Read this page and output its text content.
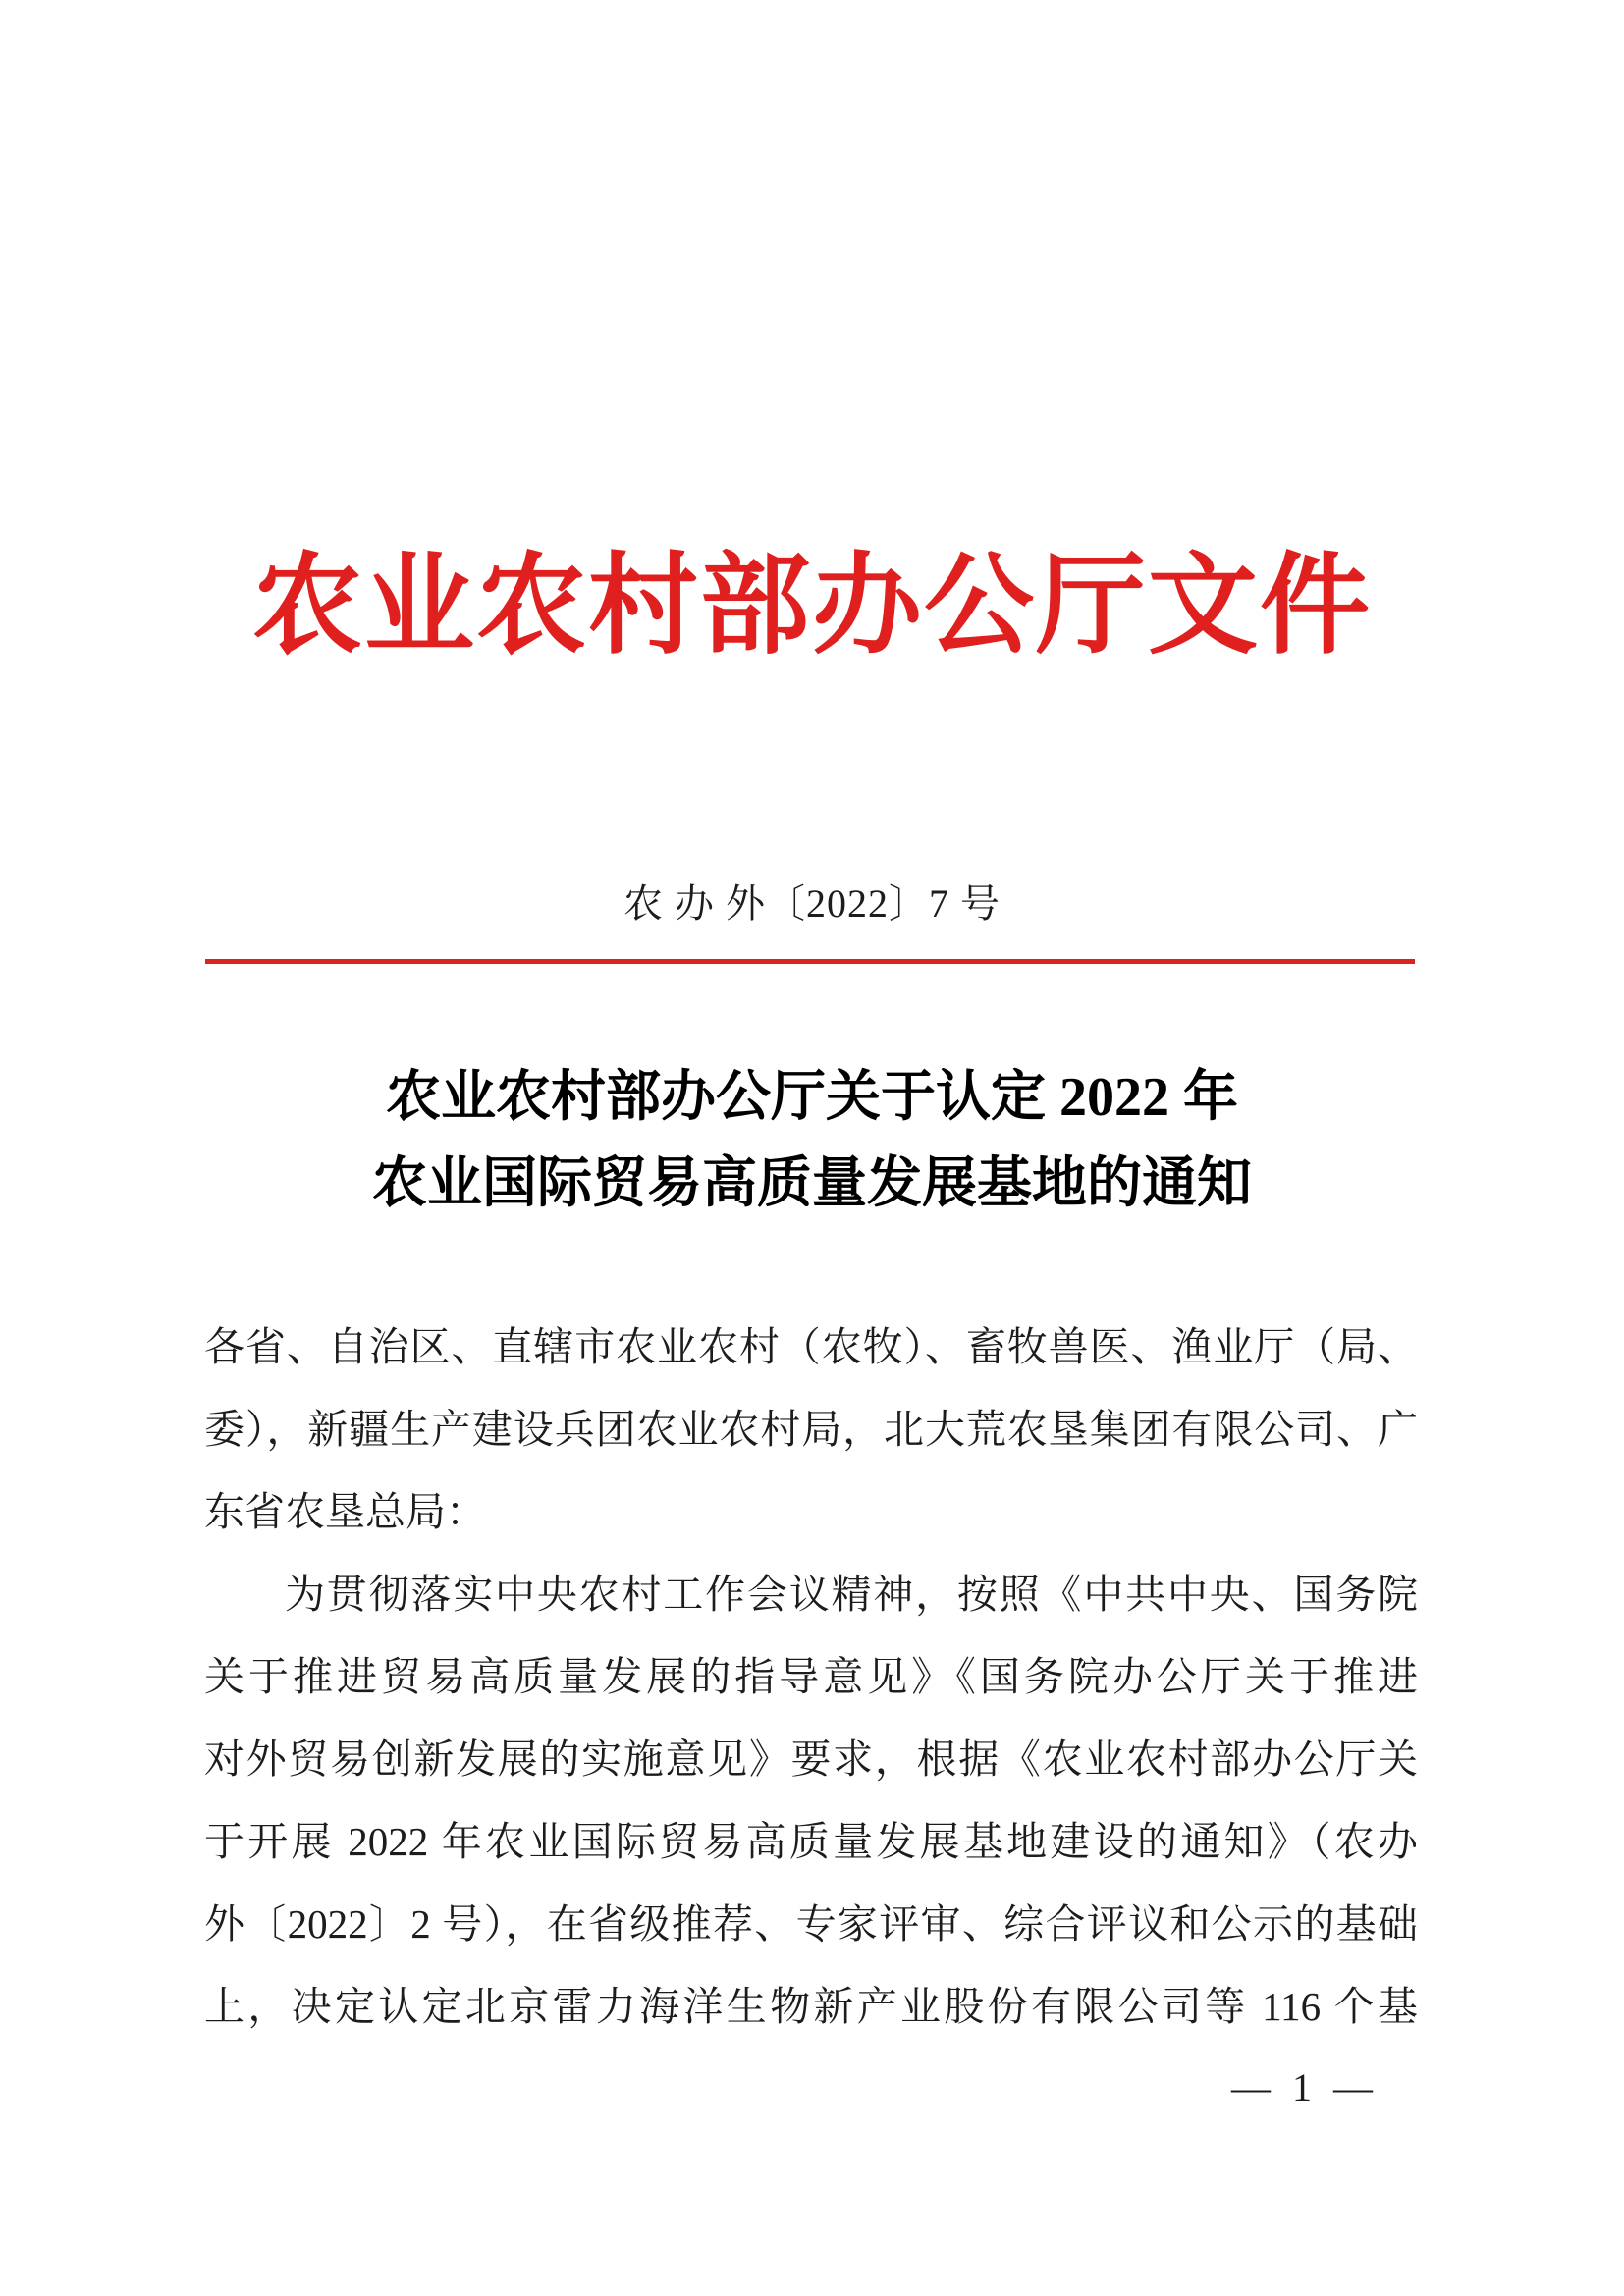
农业农村部办公厅文件
农 办 外〔2022〕7 号
农业农村部办公厅关于认定 2022 年
农业国际贸易高质量发展基地的通知
各省、自治区、直辖市农业农村（农牧）、畜牧兽医、渔业厅（局、
委），新疆生产建设兵团农业农村局，北大荒农垦集团有限公司、广
东省农垦总局：
为贯彻落实中央农村工作会议精神，按照《中共中央、国务院
关于推进贸易高质量发展的指导意见》《国务院办公厅关于推进
对外贸易创新发展的实施意见》要求，根据《农业农村部办公厅关
于开展 2022 年农业国际贸易高质量发展基地建设的通知》（农办
外〔2022〕2 号），在省级推荐、专家评审、综合评议和公示的基础
上，决定认定北京雷力海洋生物新产业股份有限公司等 116 个基
— 1 —
